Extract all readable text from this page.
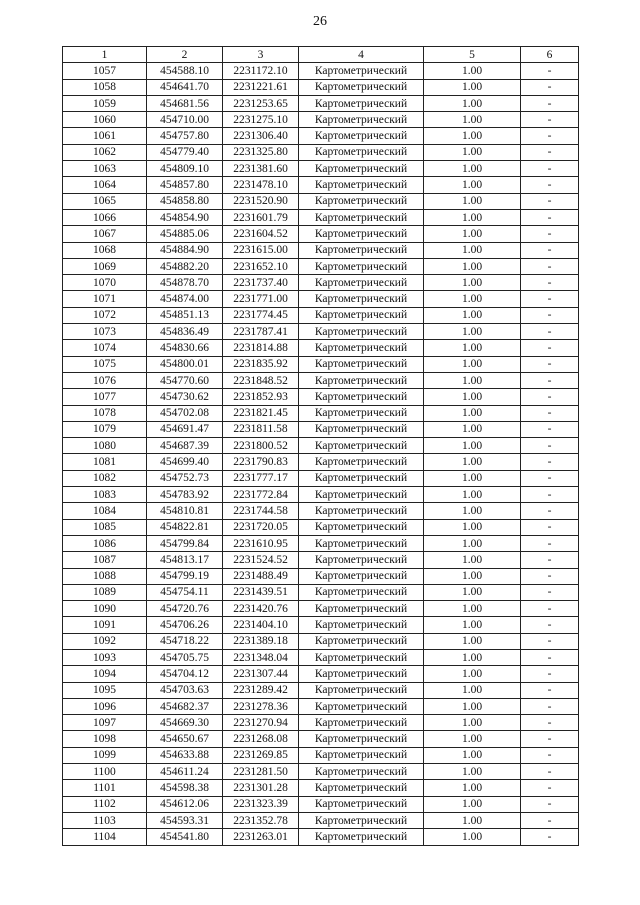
26
1	2	3	4	5	6
1057	454588.10	2231172.10	Картометрический	1.00	-
1058	454641.70	2231221.61	Картометрический	1.00	-
1059	454681.56	2231253.65	Картометрический	1.00	-
1060	454710.00	2231275.10	Картометрический	1.00	-
1061	454757.80	2231306.40	Картометрический	1.00	-
1062	454779.40	2231325.80	Картометрический	1.00	-
1063	454809.10	2231381.60	Картометрический	1.00	-
1064	454857.80	2231478.10	Картометрический	1.00	-
1065	454858.80	2231520.90	Картометрический	1.00	-
1066	454854.90	2231601.79	Картометрический	1.00	-
1067	454885.06	2231604.52	Картометрический	1.00	-
1068	454884.90	2231615.00	Картометрический	1.00	-
1069	454882.20	2231652.10	Картометрический	1.00	-
1070	454878.70	2231737.40	Картометрический	1.00	-
1071	454874.00	2231771.00	Картометрический	1.00	-
1072	454851.13	2231774.45	Картометрический	1.00	-
1073	454836.49	2231787.41	Картометрический	1.00	-
1074	454830.66	2231814.88	Картометрический	1.00	-
1075	454800.01	2231835.92	Картометрический	1.00	-
1076	454770.60	2231848.52	Картометрический	1.00	-
1077	454730.62	2231852.93	Картометрический	1.00	-
1078	454702.08	2231821.45	Картометрический	1.00	-
1079	454691.47	2231811.58	Картометрический	1.00	-
1080	454687.39	2231800.52	Картометрический	1.00	-
1081	454699.40	2231790.83	Картометрический	1.00	-
1082	454752.73	2231777.17	Картометрический	1.00	-
1083	454783.92	2231772.84	Картометрический	1.00	-
1084	454810.81	2231744.58	Картометрический	1.00	-
1085	454822.81	2231720.05	Картометрический	1.00	-
1086	454799.84	2231610.95	Картометрический	1.00	-
1087	454813.17	2231524.52	Картометрический	1.00	-
1088	454799.19	2231488.49	Картометрический	1.00	-
1089	454754.11	2231439.51	Картометрический	1.00	-
1090	454720.76	2231420.76	Картометрический	1.00	-
1091	454706.26	2231404.10	Картометрический	1.00	-
1092	454718.22	2231389.18	Картометрический	1.00	-
1093	454705.75	2231348.04	Картометрический	1.00	-
1094	454704.12	2231307.44	Картометрический	1.00	-
1095	454703.63	2231289.42	Картометрический	1.00	-
1096	454682.37	2231278.36	Картометрический	1.00	-
1097	454669.30	2231270.94	Картометрический	1.00	-
1098	454650.67	2231268.08	Картометрический	1.00	-
1099	454633.88	2231269.85	Картометрический	1.00	-
1100	454611.24	2231281.50	Картометрический	1.00	-
1101	454598.38	2231301.28	Картометрический	1.00	-
1102	454612.06	2231323.39	Картометрический	1.00	-
1103	454593.31	2231352.78	Картометрический	1.00	-
1104	454541.80	2231263.01	Картометрический	1.00	-
